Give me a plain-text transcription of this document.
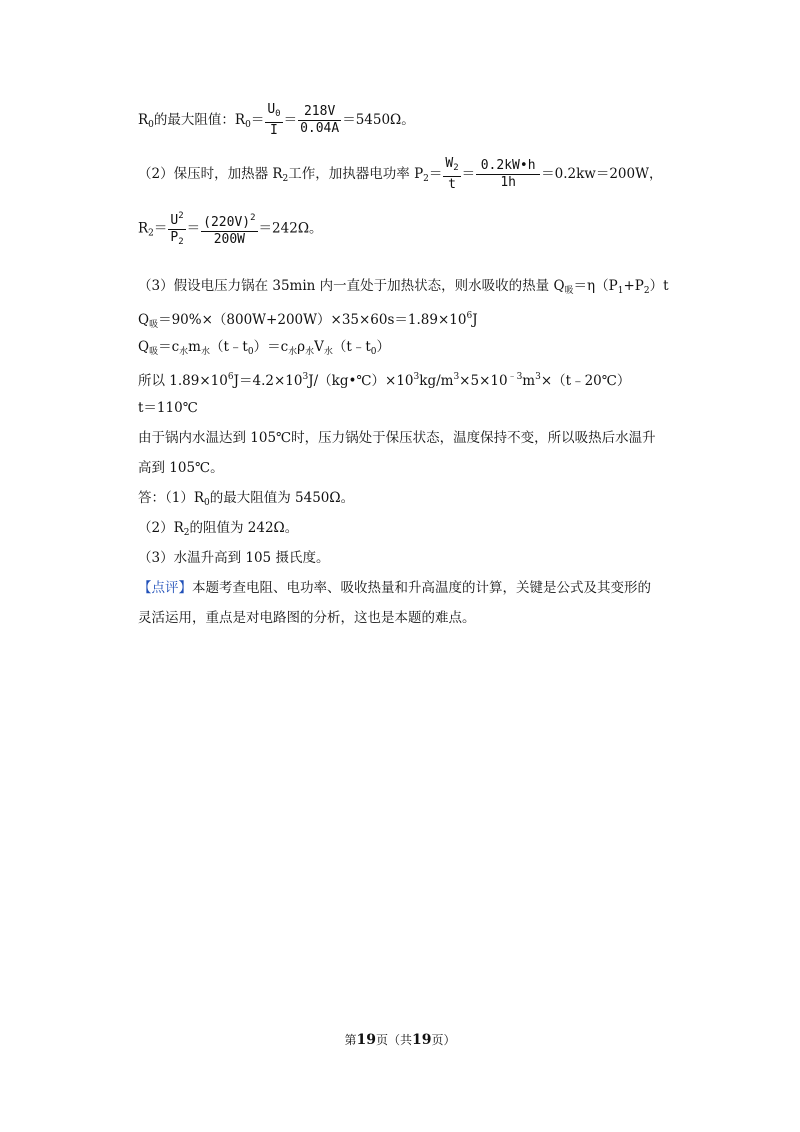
$R_0$的最大阻值：$R_0= \frac{U_0}{I} = \frac{218V}{0.04A} =5450\Omega$。
（2）保压时，加热器 $R_2$工作，加执器电功率 $P_2= \frac{W_2}{t} = \frac{0.2kW•h}{1h} =0.2kw=200W$，
$R_2= \frac{U^2}{P_2} = \frac{(220V)^2}{200W} =242\Omega$。
（3）假设电压力锅在 35min 内一直处于加热状态，则水吸收的热量 $Q_吸=\eta(P_1+P_2)t$
$Q_吸=90\%\times(800W+200W)\times 35\times 60s=1.89\times 10^6J$
$Q_吸=c_水m_水(t﹣t_0)=c_水\rho_水V_水(t﹣t_0)$
所以 $1.89\times 10^6J=4.2\times 10^3J/(kg•℃)\times 10^3kg/m^3\times 5\times 10^{﹣3}m^3\times(t﹣20℃)$
t＝110℃
由于锅内水温达到 105℃时，压力锅处于保压状态，温度保持不变，所以吸热后水温升
高到 105℃。
答：$(1)R_0$的最大阻值为 5450Ω。
$(2)R_2$的阻值为 242Ω。
（3）水温升高到 105 摄氏度。
【点评】本题考查电阻、电功率、吸收热量和升高温度的计算，关键是公式及其变形的
灵活运用，重点是对电路图的分析，这也是本题的难点。
第19页（共19页）
